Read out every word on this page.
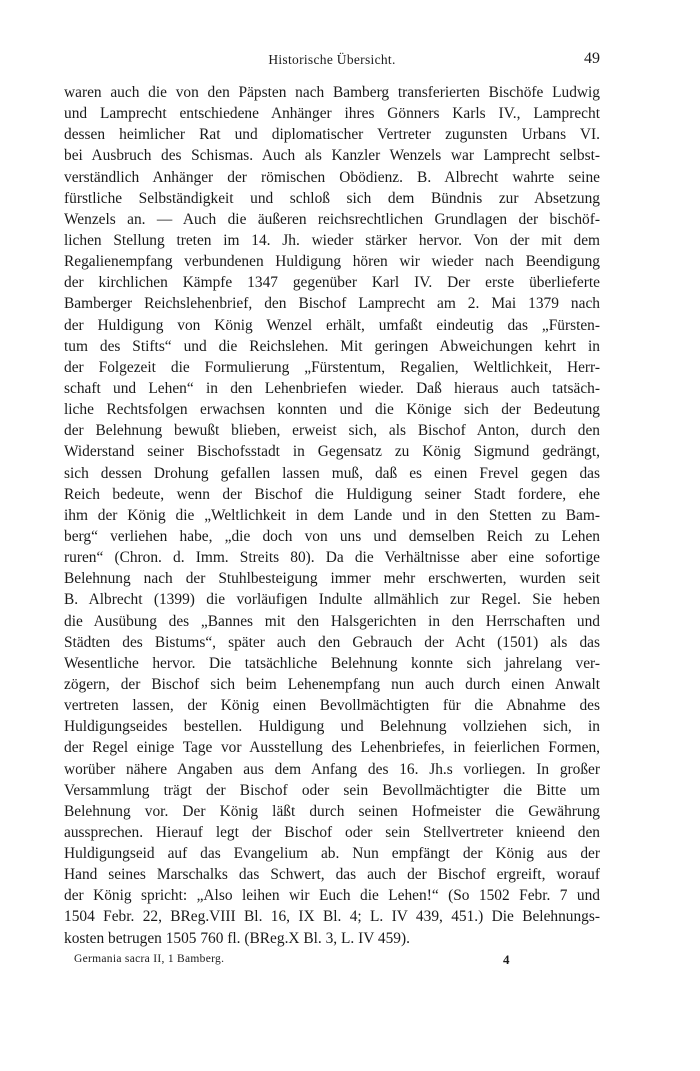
Historische Übersicht.	49
waren auch die von den Päpsten nach Bamberg transferierten Bischöfe Ludwig
und Lamprecht entschiedene Anhänger ihres Gönners Karls IV., Lamprecht
dessen heimlicher Rat und diplomatischer Vertreter zugunsten Urbans VI.
bei Ausbruch des Schismas. Auch als Kanzler Wenzels war Lamprecht selbst-
verständlich Anhänger der römischen Obödienz. B. Albrecht wahrte seine
fürstliche Selbständigkeit und schloß sich dem Bündnis zur Absetzung
Wenzels an. — Auch die äußeren reichsrechtlichen Grundlagen der bischöf-
lichen Stellung treten im 14. Jh. wieder stärker hervor. Von der mit dem
Regalienempfang verbundenen Huldigung hören wir wieder nach Beendigung
der kirchlichen Kämpfe 1347 gegenüber Karl IV. Der erste überlieferte
Bamberger Reichslehenbrief, den Bischof Lamprecht am 2. Mai 1379 nach
der Huldigung von König Wenzel erhält, umfaßt eindeutig das „Fürsten-
tum des Stifts“ und die Reichslehen. Mit geringen Abweichungen kehrt in
der Folgezeit die Formulierung „Fürstentum, Regalien, Weltlichkeit, Herr-
schaft und Lehen“ in den Lehenbriefen wieder. Daß hieraus auch tatsäch-
liche Rechtsfolgen erwachsen konnten und die Könige sich der Bedeutung
der Belehnung bewußt blieben, erweist sich, als Bischof Anton, durch den
Widerstand seiner Bischofsstadt in Gegensatz zu König Sigmund gedrängt,
sich dessen Drohung gefallen lassen muß, daß es einen Frevel gegen das
Reich bedeute, wenn der Bischof die Huldigung seiner Stadt fordere, ehe
ihm der König die „Weltlichkeit in dem Lande und in den Stetten zu Bam-
berg“ verliehen habe, „die doch von uns und demselben Reich zu Lehen
ruren“ (Chron. d. Imm. Streits 80). Da die Verhältnisse aber eine sofortige
Belehnung nach der Stuhlbesteigung immer mehr erschwerten, wurden seit
B. Albrecht (1399) die vorläufigen Indulte allmählich zur Regel. Sie heben
die Ausübung des „Bannes mit den Halsgerichten in den Herrschaften und
Städten des Bistums“, später auch den Gebrauch der Acht (1501) als das
Wesentliche hervor. Die tatsächliche Belehnung konnte sich jahrelang ver-
zögern, der Bischof sich beim Lehenempfang nun auch durch einen Anwalt
vertreten lassen, der König einen Bevollmächtigten für die Abnahme des
Huldigungseides bestellen. Huldigung und Belehnung vollziehen sich, in
der Regel einige Tage vor Ausstellung des Lehenbriefes, in feierlichen Formen,
worüber nähere Angaben aus dem Anfang des 16. Jh.s vorliegen. In großer
Versammlung trägt der Bischof oder sein Bevollmächtigter die Bitte um
Belehnung vor. Der König läßt durch seinen Hofmeister die Gewährung
aussprechen. Hierauf legt der Bischof oder sein Stellvertreter knieend den
Huldigungseid auf das Evangelium ab. Nun empfängt der König aus der
Hand seines Marschalks das Schwert, das auch der Bischof ergreift, worauf
der König spricht: „Also leihen wir Euch die Lehen!“ (So 1502 Febr. 7 und
1504 Febr. 22, BReg.VIII Bl. 16, IX Bl. 4; L. IV 439, 451.) Die Belehnungs-
kosten betrugen 1505 760 fl. (BReg.X Bl. 3, L. IV 459).
Germania sacra II, 1 Bamberg.	4
